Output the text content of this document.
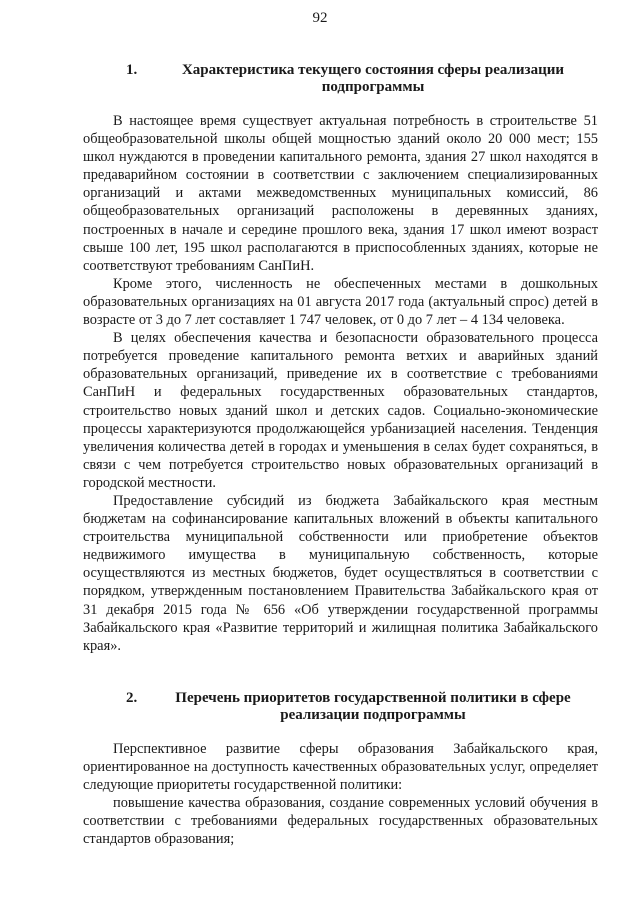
92
1.	Характеристика текущего состояния сферы реализации подпрограммы

В настоящее время существует актуальная потребность в строительстве 51 общеобразовательной школы общей мощностью зданий около 20 000 мест; 155 школ нуждаются в проведении капитального ремонта, здания 27 школ находятся в предаварийном состоянии в соответствии с заключением специализированных организаций и актами межведомственных муниципальных комиссий, 86 общеобразовательных организаций расположены в деревянных зданиях, построенных в начале и середине прошлого века, здания 17 школ имеют возраст свыше 100 лет, 195 школ располагаются в приспособленных зданиях, которые не соответствуют требованиям СанПиН.

Кроме этого, численность не обеспеченных местами в дошкольных образовательных организациях на 01 августа 2017 года (актуальный спрос) детей в возрасте от 3 до 7 лет составляет 1 747 человек, от 0 до 7 лет – 4 134 человека.

В целях обеспечения качества и безопасности образовательного процесса потребуется проведение капитального ремонта ветхих и аварийных зданий образовательных организаций, приведение их в соответствие с требованиями СанПиН и федеральных государственных образовательных стандартов, строительство новых зданий школ и детских садов. Социально-экономические процессы характеризуются продолжающейся урбанизацией населения. Тенденция увеличения количества детей в городах и уменьшения в селах будет сохраняться, в связи с чем потребуется строительство новых образовательных организаций в городской местности.

Предоставление субсидий из бюджета Забайкальского края местным бюджетам на софинансирование капитальных вложений в объекты капитального строительства муниципальной собственности или приобретение объектов недвижимого имущества в муниципальную собственность, которые осуществляются из местных бюджетов, будет осуществляться в соответствии с порядком, утвержденным постановлением Правительства Забайкальского края от 31 декабря 2015 года № 656 «Об утверждении государственной программы Забайкальского края «Развитие территорий и жилищная политика Забайкальского края».

2.	Перечень приоритетов государственной политики в сфере реализации подпрограммы

Перспективное развитие сферы образования Забайкальского края, ориентированное на доступность качественных образовательных услуг, определяет следующие приоритеты государственной политики:

повышение качества образования, создание современных условий обучения в соответствии с требованиями федеральных государственных образовательных стандартов образования;
